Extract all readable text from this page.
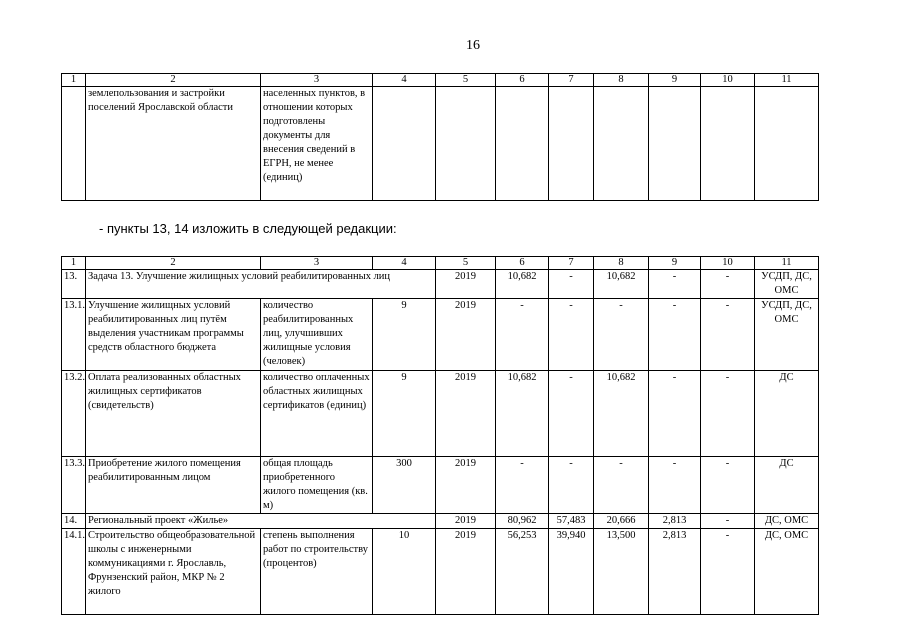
16
1	2	3	4	5	6	7	8	9	10	11
	землепользования и застройки поселений Ярославской области	населенных пунктов, в отношении которых подготовлены документы для внесения сведений в ЕГРН, не менее (единиц)								
- пункты 13, 14 изложить в следующей редакции:
1	2	3	4	5	6	7	8	9	10	11
13.	Задача 13. Улучшение жилищных условий реабилитированных лиц			2019	10,682	-	10,682	-	-	УСДП, ДС, ОМС
13.1.	Улучшение жилищных условий реабилитированных лиц путём выделения участникам программы средств областного бюджета	количество реабилитированных лиц, улучшивших жилищные условия (человек)	9	2019	-	-	-	-	-	УСДП, ДС, ОМС
13.2.	Оплата реализованных областных жилищных сертификатов (свидетельств)	количество оплаченных областных жилищных сертификатов (единиц)	9	2019	10,682	-	10,682	-	-	ДС
13.3.	Приобретение жилого помещения реабилитированным лицом	общая площадь приобретенного жилого помещения (кв. м)	300	2019	-	-	-	-	-	ДС
14.	Региональный проект «Жилье»			2019	80,962	57,483	20,666	2,813	-	ДС, ОМС
14.1.	Строительство общеобразовательной школы с инженерными коммуникациями г. Ярославль, Фрунзенский район, МКР № 2 жилого	степень выполнения работ по строительству (процентов)	10	2019	56,253	39,940	13,500	2,813	-	ДС, ОМС
